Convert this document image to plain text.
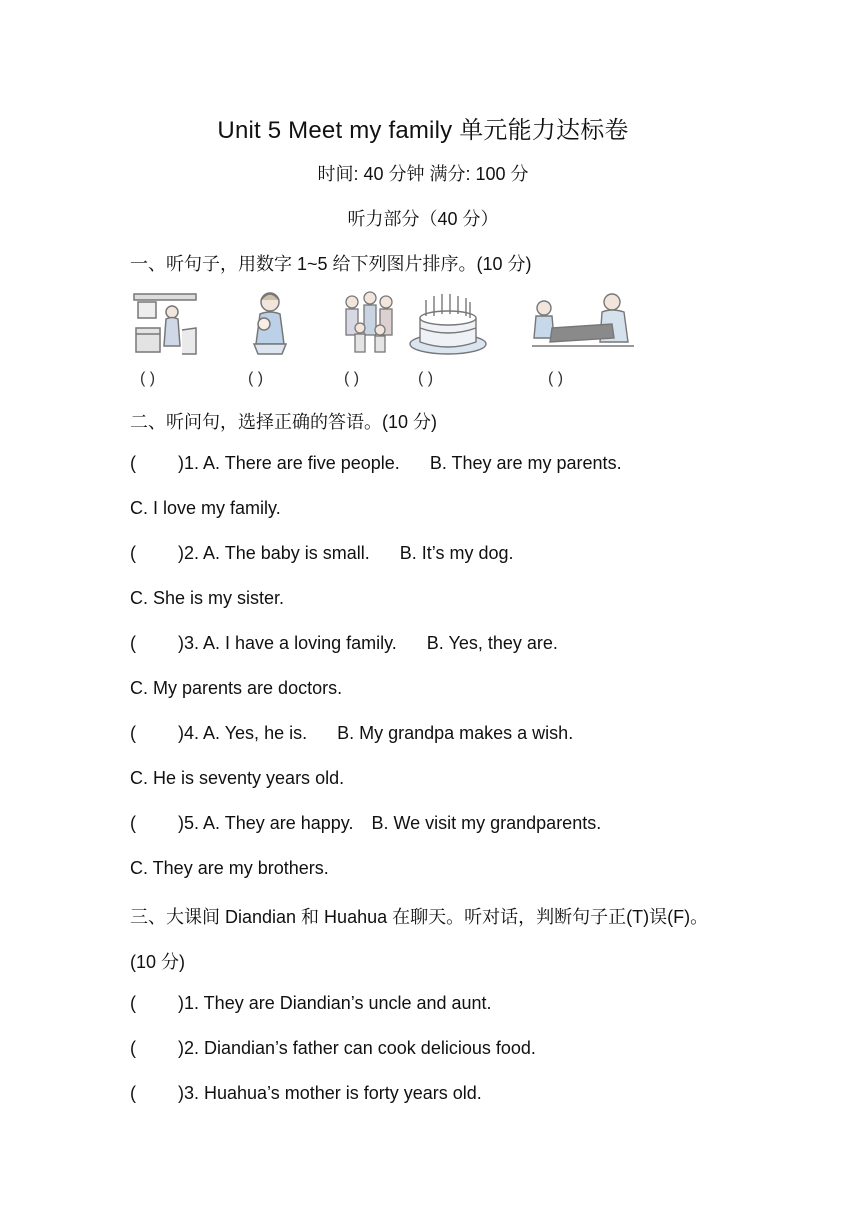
Unit 5 Meet my family 单元能力达标卷
时间: 40 分钟 满分: 100 分
听力部分（40 分）
一、听句子，用数字 1~5 给下列图片排序。(10 分)
( )	( )	( )	( )	( )
二、听问句，选择正确的答语。(10 分)
( )1. A. There are five people. B. They are my parents.
C. I love my family.
( )2. A. The baby is small. B. It’s my dog.
C. She is my sister.
( )3. A. I have a loving family. B. Yes, they are.
C. My parents are doctors.
( )4. A. Yes, he is. B. My grandpa makes a wish.
C. He is seventy years old.
( )5. A. They are happy. B. We visit my grandparents.
C. They are my brothers.
三、大课间 Diandian 和 Huahua 在聊天。听对话，判断句子正(T)误(F)。
(10 分)
( )1. They are Diandian’s uncle and aunt.
( )2. Diandian’s father can cook delicious food.
( )3. Huahua’s mother is forty years old.
